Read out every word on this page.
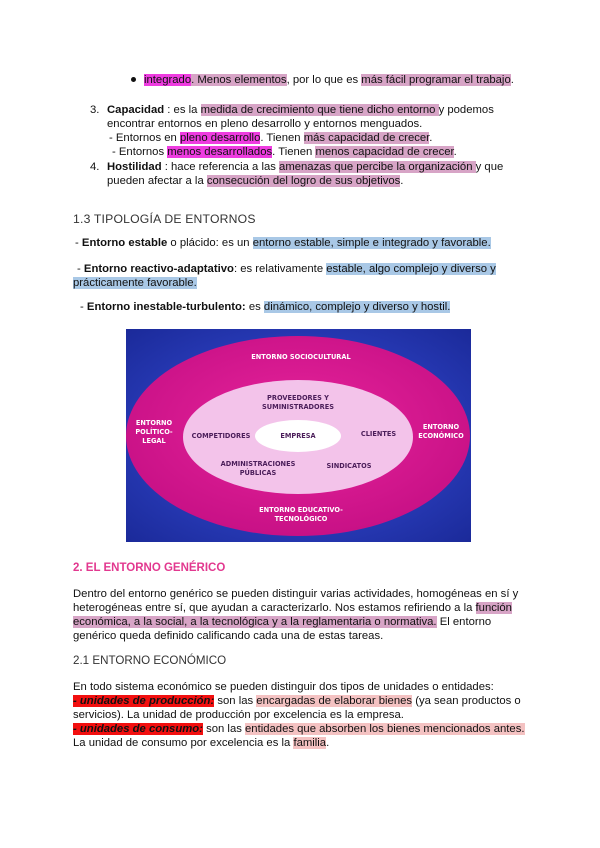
integrado. Menos elementos, por lo que es más fácil programar el trabajo.
3. Capacidad : es la medida de crecimiento que tiene dicho entorno y podemos
encontrar entornos en pleno desarrollo y entornos menguados.
- Entornos en pleno desarrollo. Tienen más capacidad de crecer.
- Entornos menos desarrollados. Tienen menos capacidad de crecer.
4. Hostilidad : hace referencia a las amenazas que percibe la organización y que
pueden afectar a la consecución del logro de sus objetivos.
1.3 TIPOLOGÍA DE ENTORNOS
- Entorno estable o plácido: es un entorno estable, simple e integrado y favorable.
- Entorno reactivo-adaptativo: es relativamente estable, algo complejo y diverso y
prácticamente favorable.
- Entorno inestable-turbulento: es dinámico, complejo y diverso y hostil.
ENTORNO SOCIOCULTURAL
ENTORNO
POLÍTICO-
LEGAL
ENTORNO
ECONÓMICO
ENTORNO EDUCATIVO-
TECNOLÓGICO
PROVEEDORES Y
SUMINISTRADORES
COMPETIDORES	EMPRESA	CLIENTES
ADMINISTRACIONES
PÚBLICAS
SINDICATOS
2. EL ENTORNO GENÉRICO
Dentro del entorno genérico se pueden distinguir varias actividades, homogéneas en sí y
heterogéneas entre sí, que ayudan a caracterizarlo. Nos estamos refiriendo a la función
económica, a la social, a la tecnológica y a la reglamentaria o normativa. El entorno
genérico queda definido calificando cada una de estas tareas.
2.1 ENTORNO ECONÓMICO
En todo sistema económico se pueden distinguir dos tipos de unidades o entidades:
- unidades de producción: son las encargadas de elaborar bienes (ya sean productos o
servicios). La unidad de producción por excelencia es la empresa.
- unidades de consumo: son las entidades que absorben los bienes mencionados antes.
La unidad de consumo por excelencia es la familia.
